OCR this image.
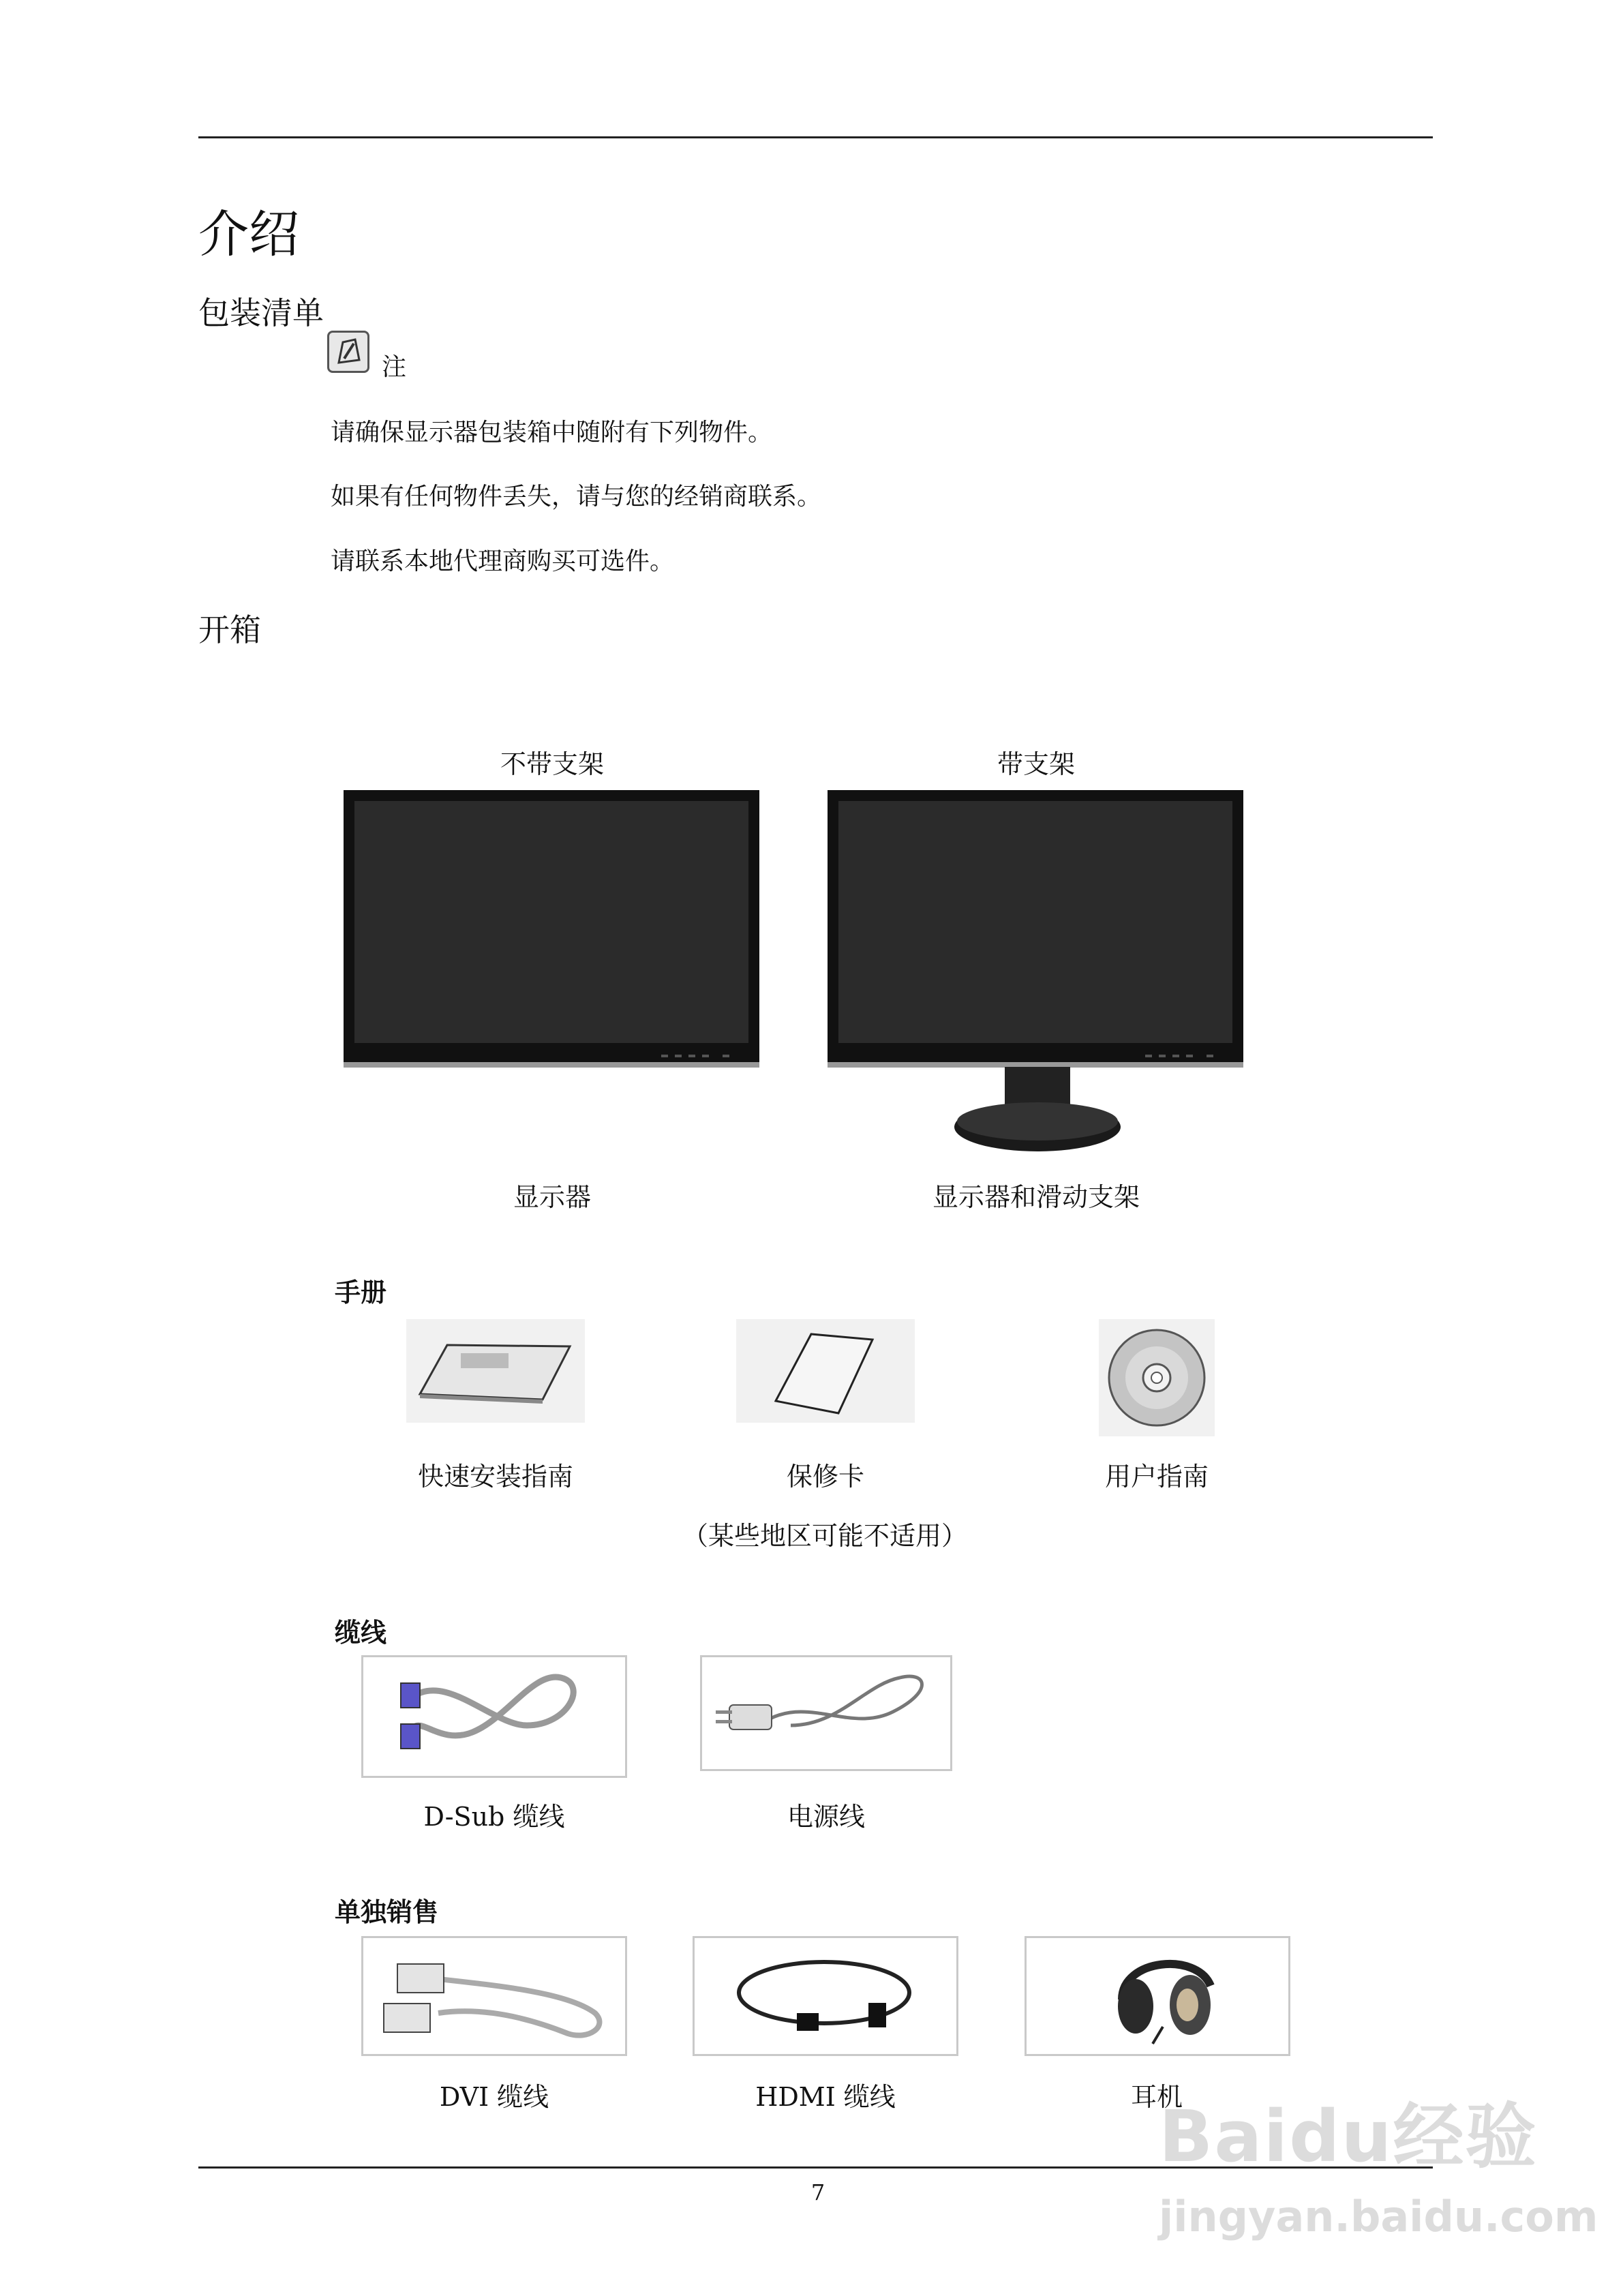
介绍
包装清单
注
请确保显示器包装箱中随附有下列物件。
如果有任何物件丢失，请与您的经销商联系。
请联系本地代理商购买可选件。
开箱
不带支架	带支架
显示器	显示器和滑动支架
手册
快速安装指南	保修卡	用户指南
（某些地区可能不适用）
缆线
D-Sub 缆线	电源线
单独销售
DVI 缆线	HDMI 缆线	耳机
7
Baidu经验
jingyan.baidu.com
